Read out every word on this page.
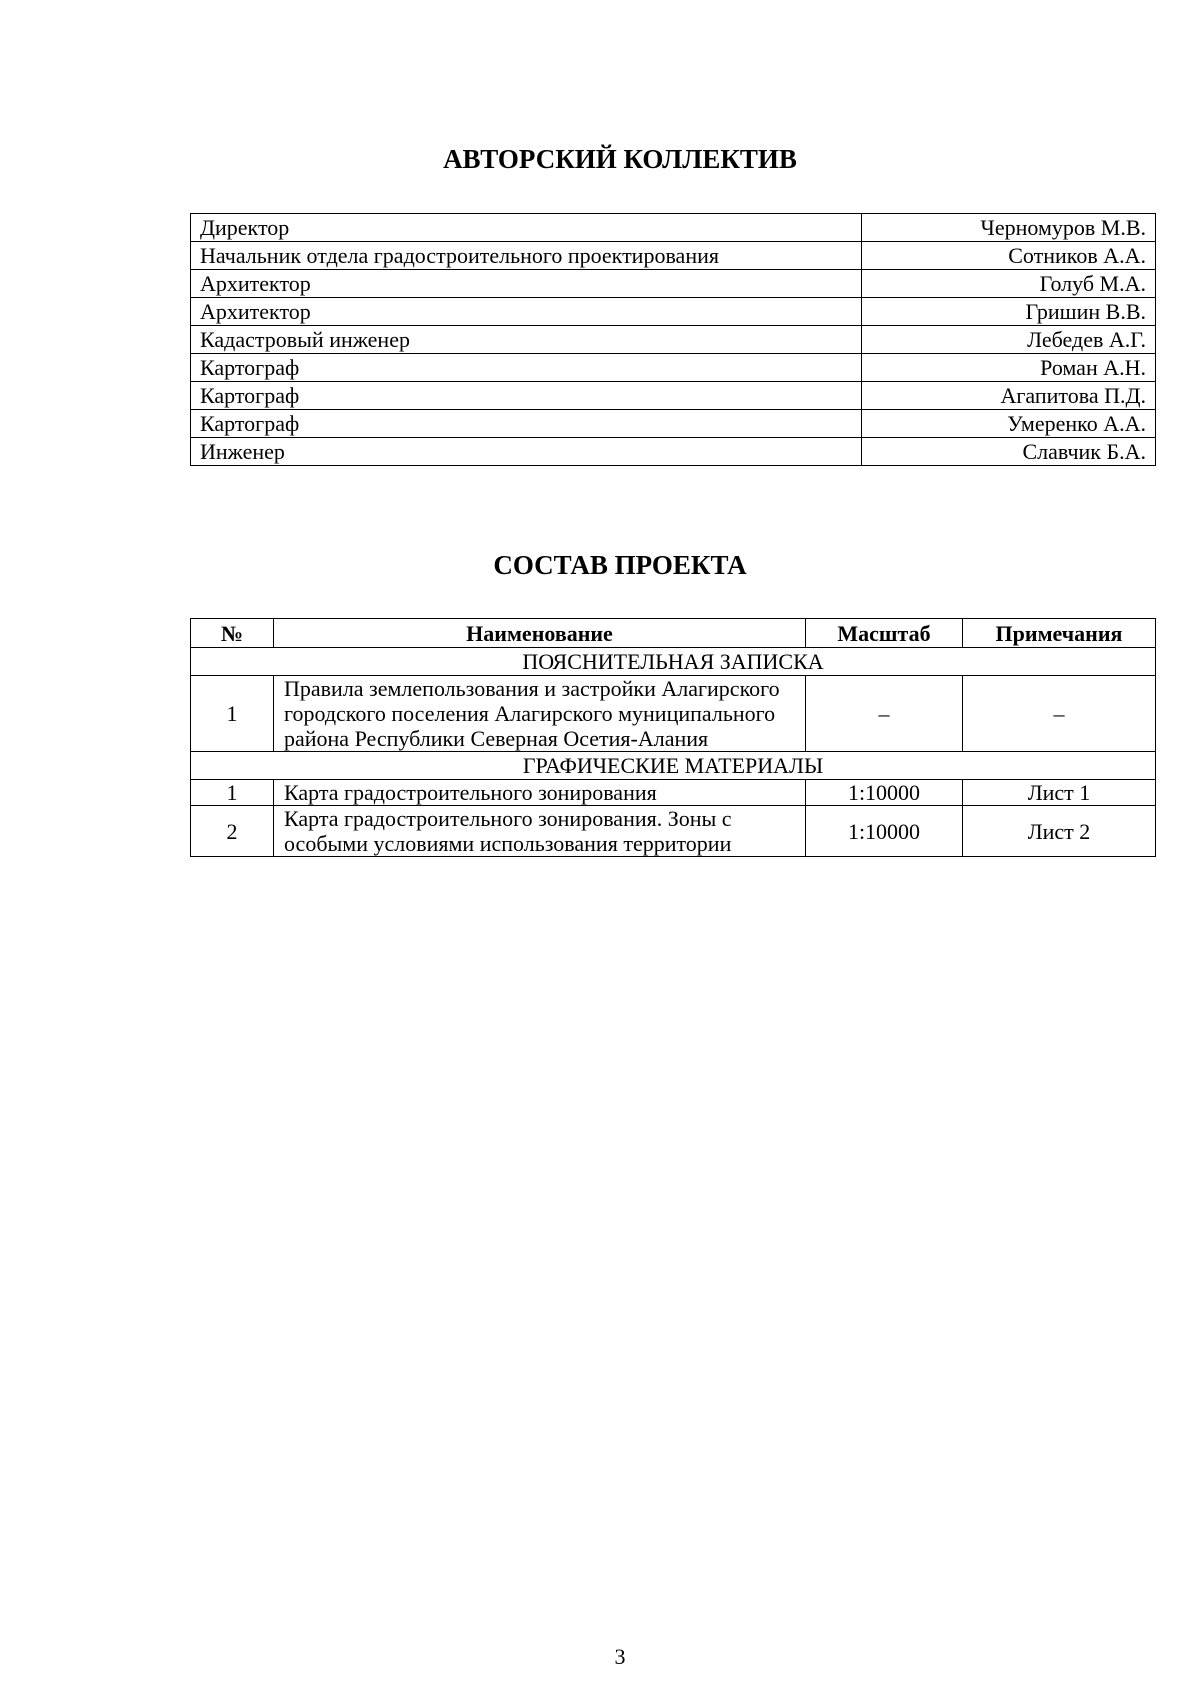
АВТОРСКИЙ КОЛЛЕКТИВ
Директор	Черномуров М.В.
Начальник отдела градостроительного проектирования	Сотников А.А.
Архитектор	Голуб М.А.
Архитектор	Гришин В.В.
Кадастровый инженер	Лебедев А.Г.
Картограф	Роман А.Н.
Картограф	Агапитова П.Д.
Картограф	Умеренко А.А.
Инженер	Славчик Б.А.
СОСТАВ ПРОЕКТА
№	Наименование	Масштаб	Примечания
ПОЯСНИТЕЛЬНАЯ ЗАПИСКА			
1	Правила землепользования и застройки Алагирского городского поселения Алагирского муниципального района Республики Северная Осетия-Алания	–	–
ГРАФИЧЕСКИЕ МАТЕРИАЛЫ			
1	Карта градостроительного зонирования	1:10000	Лист 1
2	Карта градостроительного зонирования. Зоны с особыми условиями использования территории	1:10000	Лист 2
3
